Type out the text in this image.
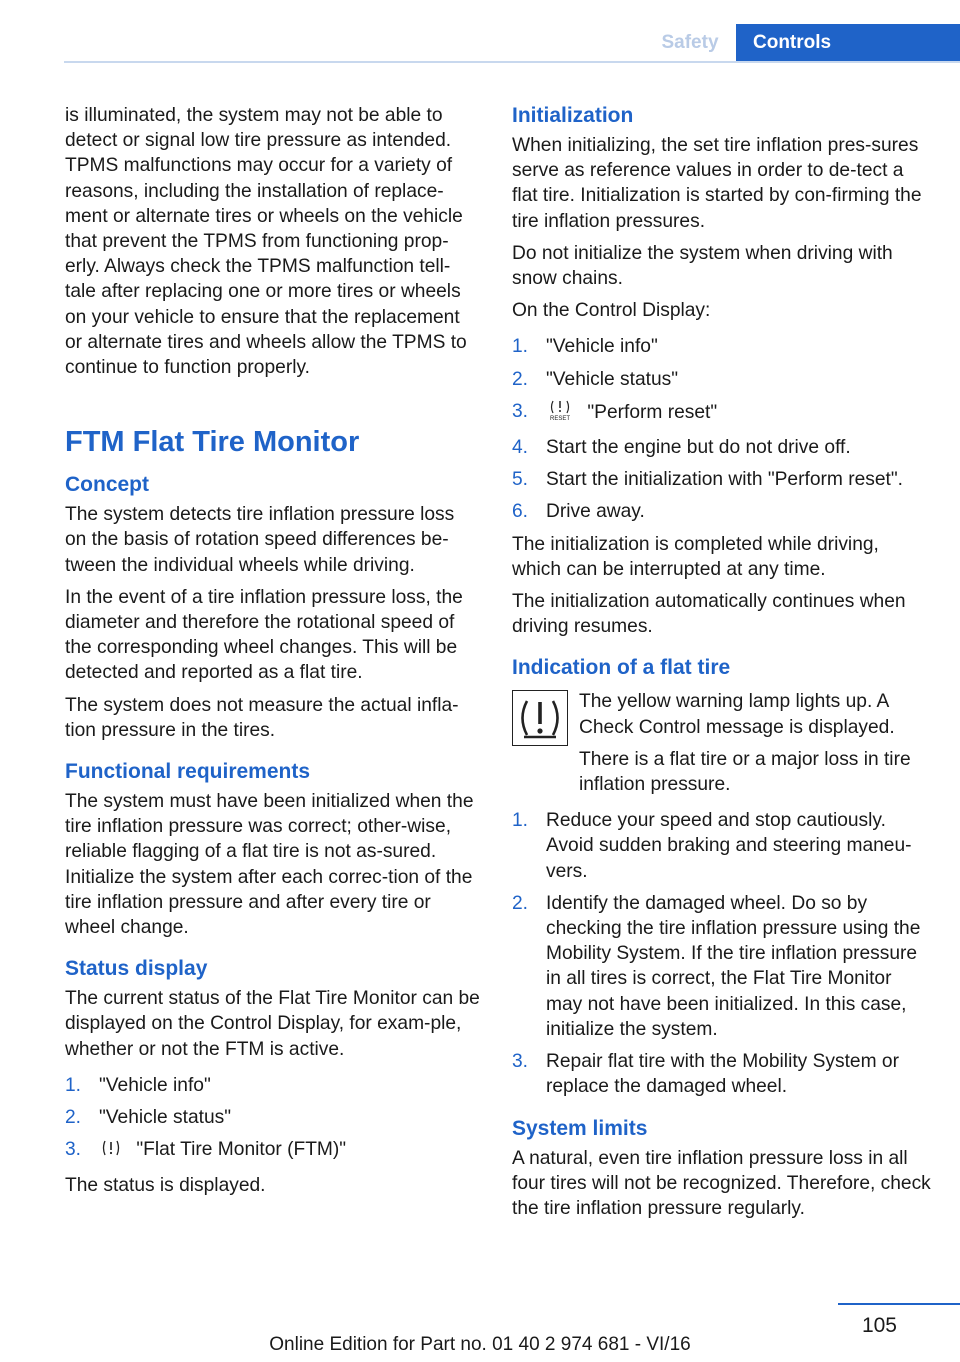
Safety	Controls

is illuminated, the system may not be able to detect or signal low tire pressure as intended. TPMS malfunctions may occur for a variety of reasons, including the installation of replace‐ment or alternate tires or wheels on the vehicle that prevent the TPMS from functioning prop‐erly. Always check the TPMS malfunction tell‐tale after replacing one or more tires or wheels on your vehicle to ensure that the replacement or alternate tires and wheels allow the TPMS to continue to function properly.

FTM Flat Tire Monitor
Concept

The system detects tire inflation pressure loss on the basis of rotation speed differences be‐tween the individual wheels while driving.

In the event of a tire inflation pressure loss, the diameter and therefore the rotational speed of the corresponding wheel changes. This will be detected and reported as a flat tire.

The system does not measure the actual infla‐tion pressure in the tires.

Functional requirements

The system must have been initialized when the tire inflation pressure was correct; other‐wise, reliable flagging of a flat tire is not as‐sured. Initialize the system after each correc‐tion of the tire inflation pressure and after every tire or wheel change.

Status display

The current status of the Flat Tire Monitor can be displayed on the Control Display, for exam‐ple, whether or not the FTM is active.

1. "Vehicle info"
2. "Vehicle status"
3.	"Flat Tire Monitor (FTM)"

The status is displayed.

Initialization

When initializing, the set tire inflation pres‐sures serve as reference values in order to de‐tect a flat tire. Initialization is started by con‐firming the tire inflation pressures.

Do not initialize the system when driving with snow chains.

On the Control Display:

1. "Vehicle info"
2. "Vehicle status"
3.	RESET "Perform reset"
4. Start the engine but do not drive off.
5. Start the initialization with "Perform reset".
6. Drive away.

The initialization is completed while driving, which can be interrupted at any time.

The initialization automatically continues when driving resumes.

Indication of a flat tire

The yellow warning lamp lights up. A Check Control message is displayed.

There is a flat tire or a major loss in tire inflation pressure.

1. Reduce your speed and stop cautiously. Avoid sudden braking and steering maneu‐vers.
2. Identify the damaged wheel. Do so by checking the tire inflation pressure using the Mobility System. If the tire inflation pressure in all tires is correct, the Flat Tire Monitor may not have been initialized. In this case, initialize the system.
3. Repair flat tire with the Mobility System or replace the damaged wheel.
System limits

A natural, even tire inflation pressure loss in all four tires will not be recognized. Therefore, check the tire inflation pressure regularly.

105
Online Edition for Part no. 01 40 2 974 681 - VI/16
